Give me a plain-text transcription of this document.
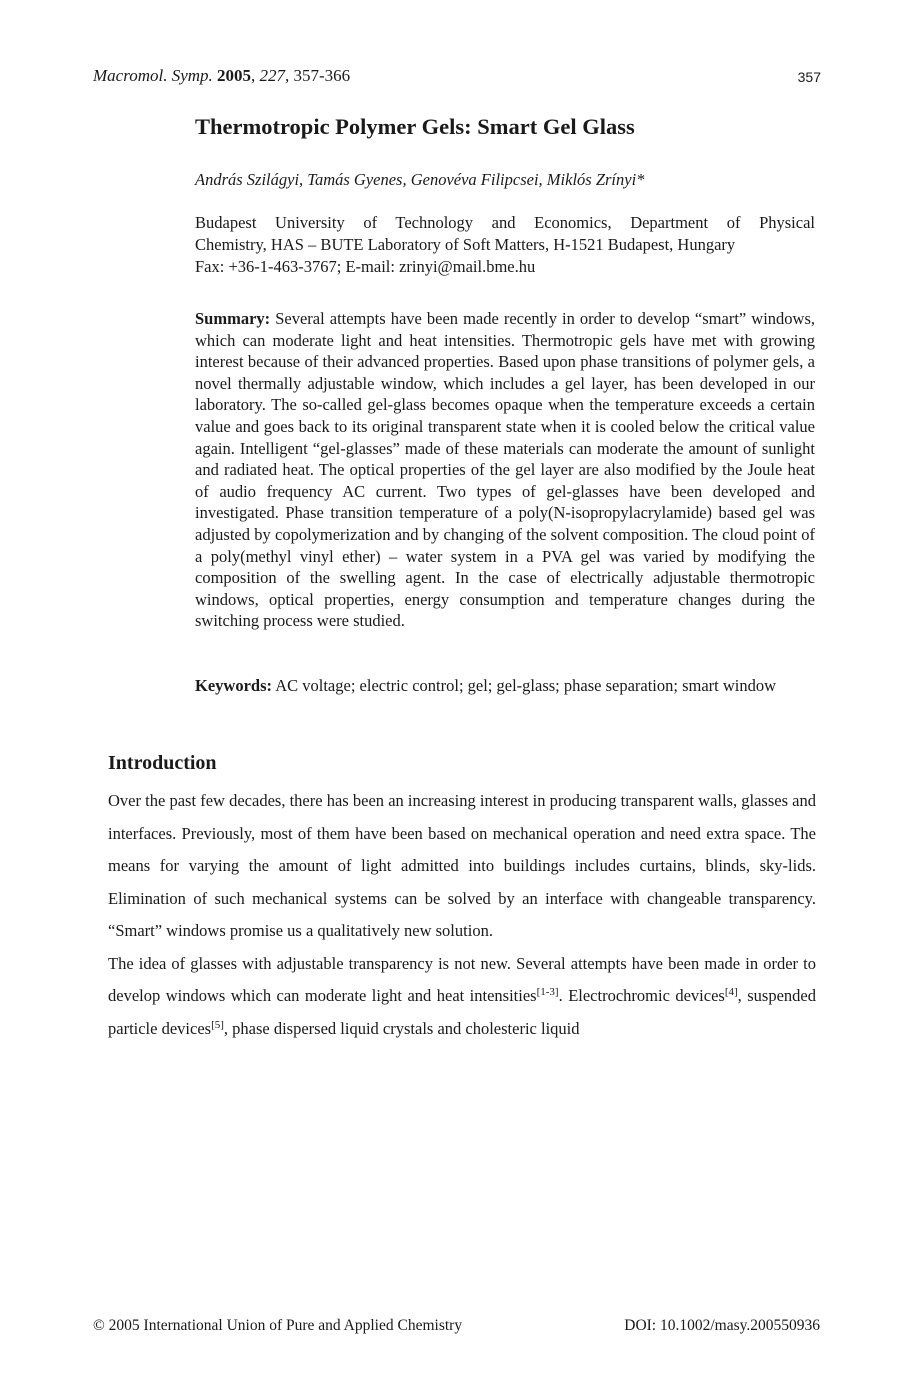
Macromol. Symp. 2005, 227, 357-366	357
Thermotropic Polymer Gels: Smart Gel Glass
András Szilágyi, Tamás Gyenes, Genovéva Filipcsei, Miklós Zrínyi*
Budapest University of Technology and Economics, Department of Physical
Chemistry, HAS – BUTE Laboratory of Soft Matters, H-1521 Budapest, Hungary
Fax: +36-1-463-3767; E-mail: zrinyi@mail.bme.hu
Summary: Several attempts have been made recently in order to develop “smart” windows, which can moderate light and heat intensities. Thermotropic gels have met with growing interest because of their advanced properties. Based upon phase transitions of polymer gels, a novel thermally adjustable window, which includes a gel layer, has been developed in our laboratory. The so-called gel-glass becomes opaque when the temperature exceeds a certain value and goes back to its original transparent state when it is cooled below the critical value again. Intelligent “gel-glasses” made of these materials can moderate the amount of sunlight and radiated heat. The optical properties of the gel layer are also modified by the Joule heat of audio frequency AC current. Two types of gel-glasses have been developed and investigated. Phase transition temperature of a poly(N-isopropylacrylamide) based gel was adjusted by copolymerization and by changing of the solvent composition. The cloud point of a poly(methyl vinyl ether) – water system in a PVA gel was varied by modifying the composition of the swelling agent. In the case of electrically adjustable thermotropic windows, optical properties, energy consumption and temperature changes during the switching process were studied.
Keywords: AC voltage; electric control; gel; gel-glass; phase separation; smart window
Introduction

Over the past few decades, there has been an increasing interest in producing transparent walls, glasses and interfaces. Previously, most of them have been based on mechanical operation and need extra space. The means for varying the amount of light admitted into buildings includes curtains, blinds, sky-lids. Elimination of such mechanical systems can be solved by an interface with changeable transparency. “Smart” windows promise us a qualitatively new solution.

The idea of glasses with adjustable transparency is not new. Several attempts have been made in order to develop windows which can moderate light and heat intensities[1-3]. Electrochromic devices[4], suspended particle devices[5], phase dispersed liquid crystals and cholesteric liquid

© 2005 International Union of Pure and Applied Chemistry	DOI: 10.1002/masy.200550936
